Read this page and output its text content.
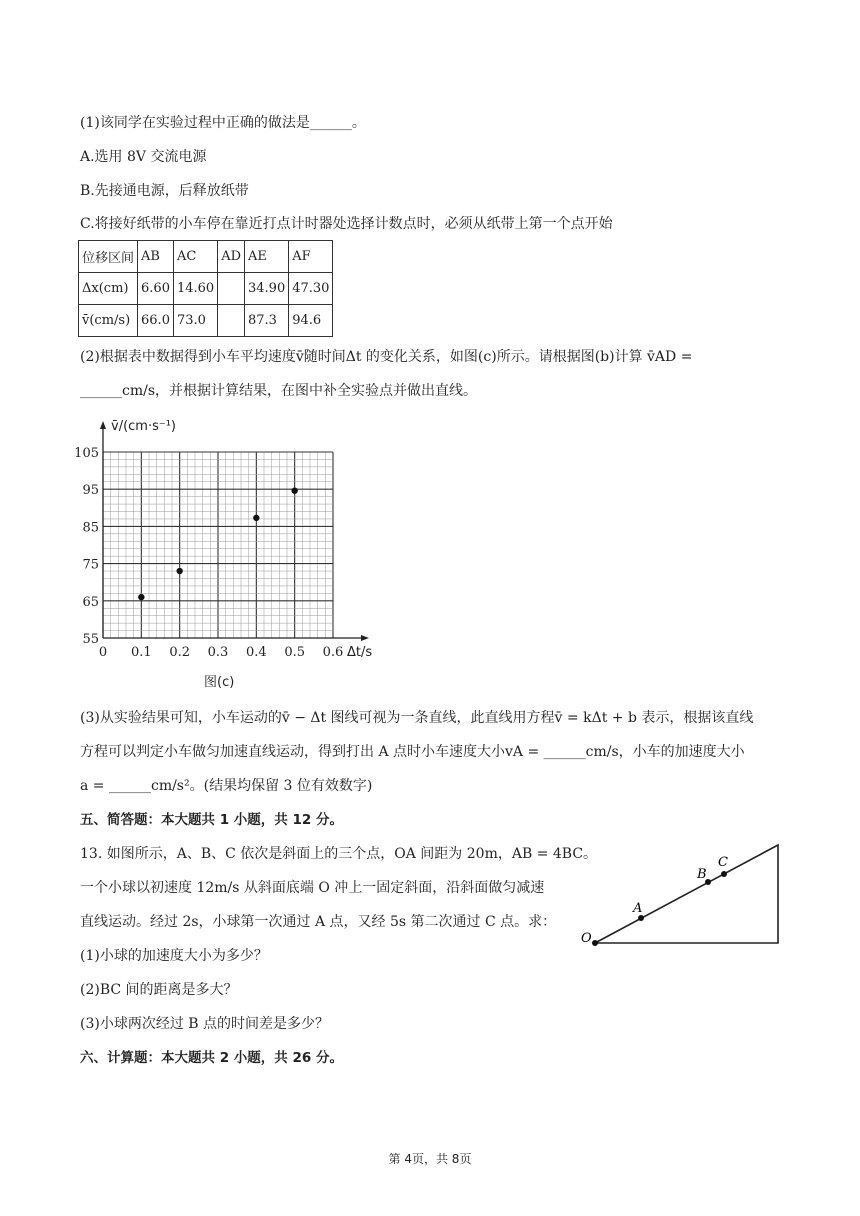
(1)该同学在实验过程中正确的做法是______。
A.选用 8V 交流电源
B.先接通电源，后释放纸带
C.将接好纸带的小车停在靠近打点计时器处选择计数点时，必须从纸带上第一个点开始
位移区间	AB	AC	AD	AE	AF
Δx(cm)	6.60	14.60		34.90	47.30
v̄(cm/s)	66.0	73.0		87.3	94.6
(2)根据表中数据得到小车平均速度v̄随时间Δt 的变化关系，如图(c)所示。请根据图(b)计算 v̄AD =
______cm/s，并根据计算结果，在图中补全实验点并做出直线。
0 0.1 0.2 0.3 0.4 0.5 0.6
55
65
75
85
95
105
v̄/(cm·s⁻¹)
Δt/s
图(c)
(3)从实验结果可知，小车运动的v̄ − Δt 图线可视为一条直线，此直线用方程v̄ = kΔt + b 表示，根据该直线
方程可以判定小车做匀加速直线运动，得到打出 A 点时小车速度大小vA = ______cm/s，小车的加速度大小
a = ______cm/s²。(结果均保留 3 位有效数字)
五、简答题：本大题共 1 小题，共 12 分。
13. 如图所示，A、B、C 依次是斜面上的三个点，OA 间距为 20m，AB = 4BC。
一个小球以初速度 12m/s 从斜面底端 O 冲上一固定斜面，沿斜面做匀减速
直线运动。经过 2s，小球第一次通过 A 点，又经 5s 第二次通过 C 点。求：
(1)小球的加速度大小为多少？
(2)BC 间的距离是多大？
(3)小球两次经过 B 点的时间差是多少？
六、计算题：本大题共 2 小题，共 26 分。
O
A
B
C
第 4页，共 8页
